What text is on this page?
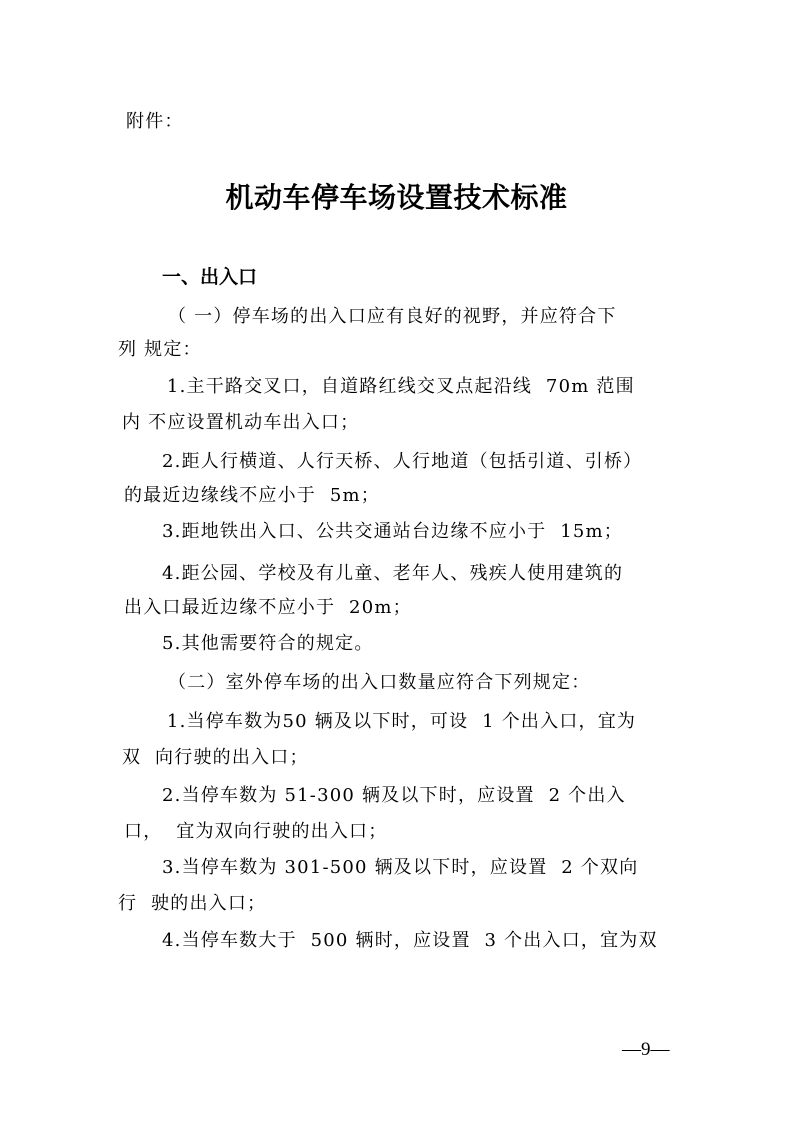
附件：
机动车停车场设置技术标准
一、出入口
（ 一）停车场的出入口应有良好的视野，并应符合下
列 规定：
1.主干路交叉口，自道路红线交叉点起沿线  70m 范围
内 不应设置机动车出入口；
2.距人行横道、人行天桥、人行地道（包括引道、引桥）
的最近边缘线不应小于  5m；
3.距地铁出入口、公共交通站台边缘不应小于  15m；
4.距公园、学校及有儿童、老年人、残疾人使用建筑的
出入口最近边缘不应小于  20m；
5.其他需要符合的规定。
（二）室外停车场的出入口数量应符合下列规定：
1.当停车数为50 辆及以下时，可设  1 个出入口，宜为
双  向行驶的出入口；
2.当停车数为 51-300 辆及以下时，应设置  2 个出入
口，  宜为双向行驶的出入口；
3.当停车数为 301-500 辆及以下时，应设置  2 个双向
行  驶的出入口；
4.当停车数大于  500 辆时，应设置  3 个出入口，宜为双
—9—
